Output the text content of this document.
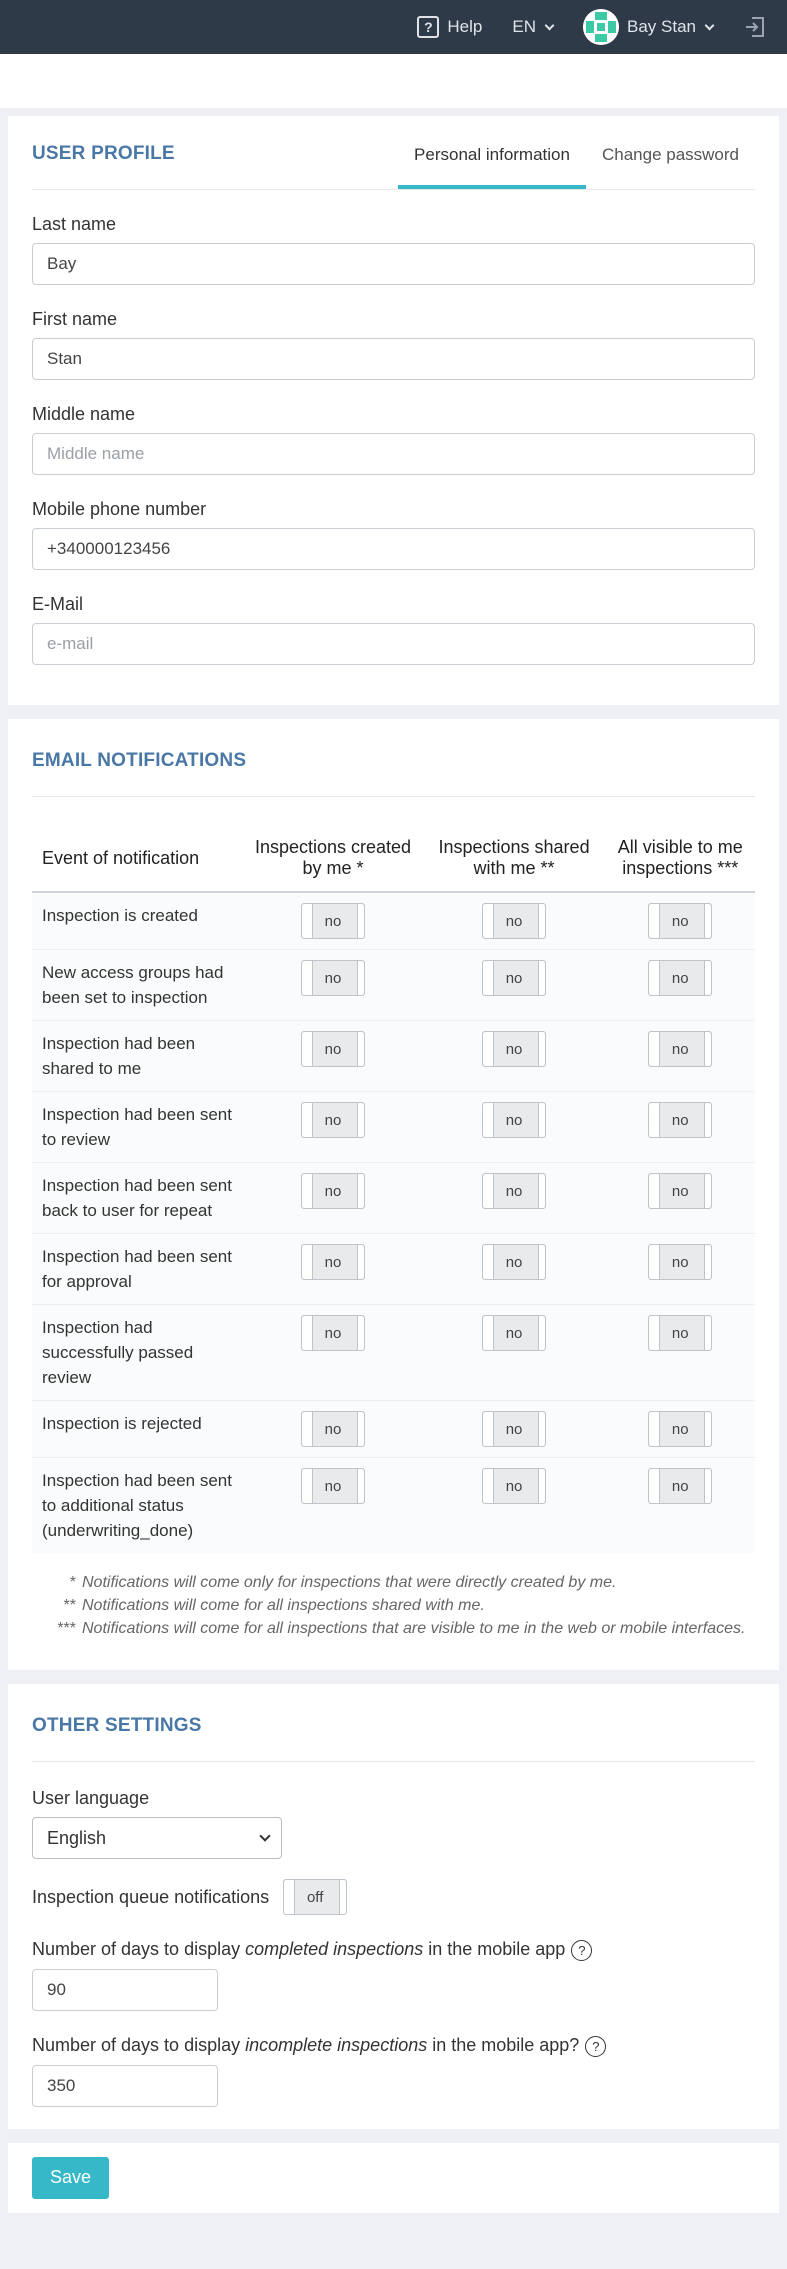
? Help EN	Bay Stan
USER PROFILE	Personal information	Change password
Last name
Bay
First name
Stan
Middle name
Middle name
Mobile phone number
+340000123456
E-Mail
e-mail
EMAIL NOTIFICATIONS
Event of notification	Inspections created by me *	Inspections shared with me **	All visible to me inspections ***
Inspection is created	no	no	no
New access groups had been set to inspection	no	no	no
Inspection had been shared to me	no	no	no
Inspection had been sent to review	no	no	no
Inspection had been sent back to user for repeat	no	no	no
Inspection had been sent for approval	no	no	no
Inspection had successfully passed review	no	no	no
Inspection is rejected	no	no	no
Inspection had been sent to additional status (underwriting_done)	no	no	no
* Notifications will come only for inspections that were directly created by me.
** Notifications will come for all inspections shared with me.
*** Notifications will come for all inspections that are visible to me in the web or mobile interfaces.
OTHER SETTINGS
User language
English
Inspection queue notifications	off
Number of days to display completed inspections in the mobile app ?
90
Number of days to display incomplete inspections in the mobile app? ?
350
Save
